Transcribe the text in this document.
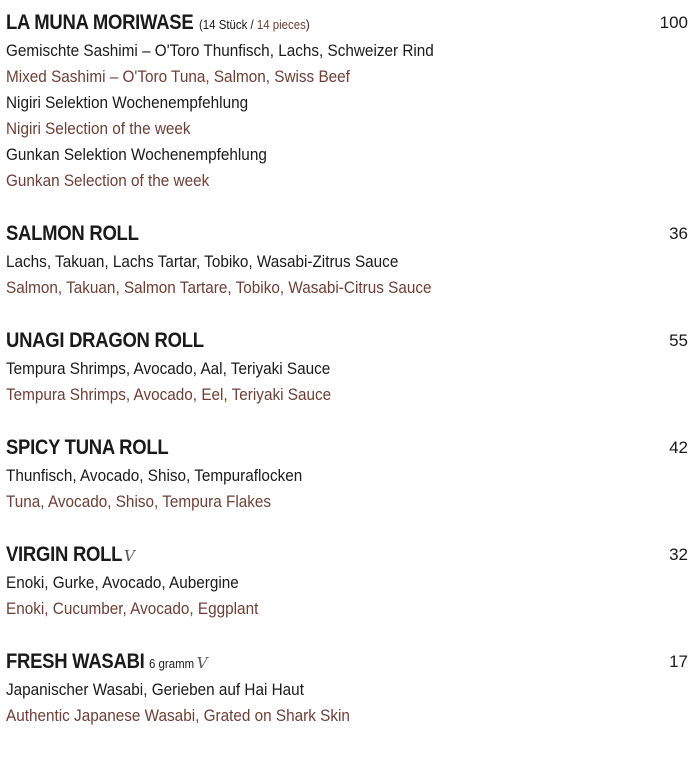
LA MUNA MORIWASE (14 Stück / 14 pieces)	100
Gemischte Sashimi – O'Toro Thunfisch, Lachs, Schweizer Rind
Mixed Sashimi – O'Toro Tuna, Salmon, Swiss Beef
Nigiri Selektion Wochenempfehlung
Nigiri Selection of the week
Gunkan Selektion Wochenempfehlung
Gunkan Selection of the week
SALMON ROLL	36
Lachs, Takuan, Lachs Tartar, Tobiko, Wasabi-Zitrus Sauce
Salmon, Takuan, Salmon Tartare, Tobiko, Wasabi-Citrus Sauce
UNAGI DRAGON ROLL	55
Tempura Shrimps, Avocado, Aal, Teriyaki Sauce
Tempura Shrimps, Avocado, Eel, Teriyaki Sauce
SPICY TUNA ROLL	42
Thunfisch, Avocado, Shiso, Tempuraflocken
Tuna, Avocado, Shiso, Tempura Flakes
VIRGIN ROLL V	32
Enoki, Gurke, Avocado, Aubergine
Enoki, Cucumber, Avocado, Eggplant
FRESH WASABI 6 gramm V	17
Japanischer Wasabi, Gerieben auf Hai Haut
Authentic Japanese Wasabi, Grated on Shark Skin
